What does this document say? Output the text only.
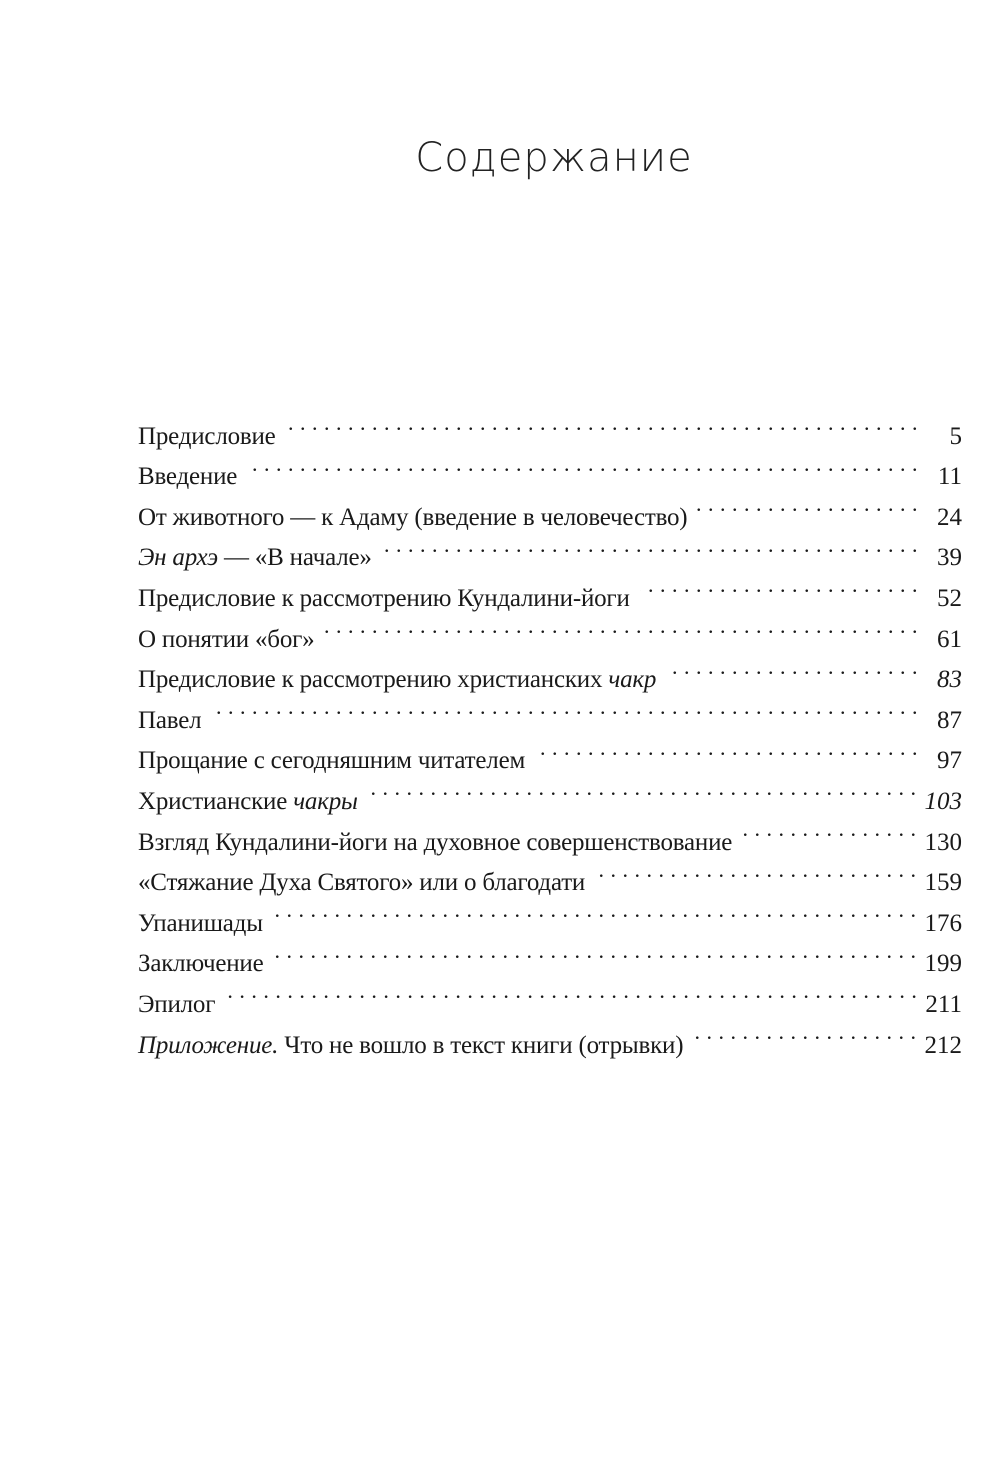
Содержание
Предисловие . . .	5
Введение . . .	11
От животного — к Адаму (введение в человечество) . . .	24
Эн архэ — «В начале» . . .	39
Предисловие к рассмотрению Кундалини-йоги . . .	52
О понятии «бог» . . .	61
Предисловие к рассмотрению христианских чакр . . .	83
Павел . . .	87
Прощание с сегодняшним читателем . . .	97
Христианские чакры . . .	103
Взгляд Кундалини-йоги на духовное совершенствование . . .	130
«Стяжание Духа Святого» или о благодати . . .	159
Упанишады . . .	176
Заключение . . .	199
Эпилог . . .	211
Приложение. Что не вошло в текст книги (отрывки) . . .	212
